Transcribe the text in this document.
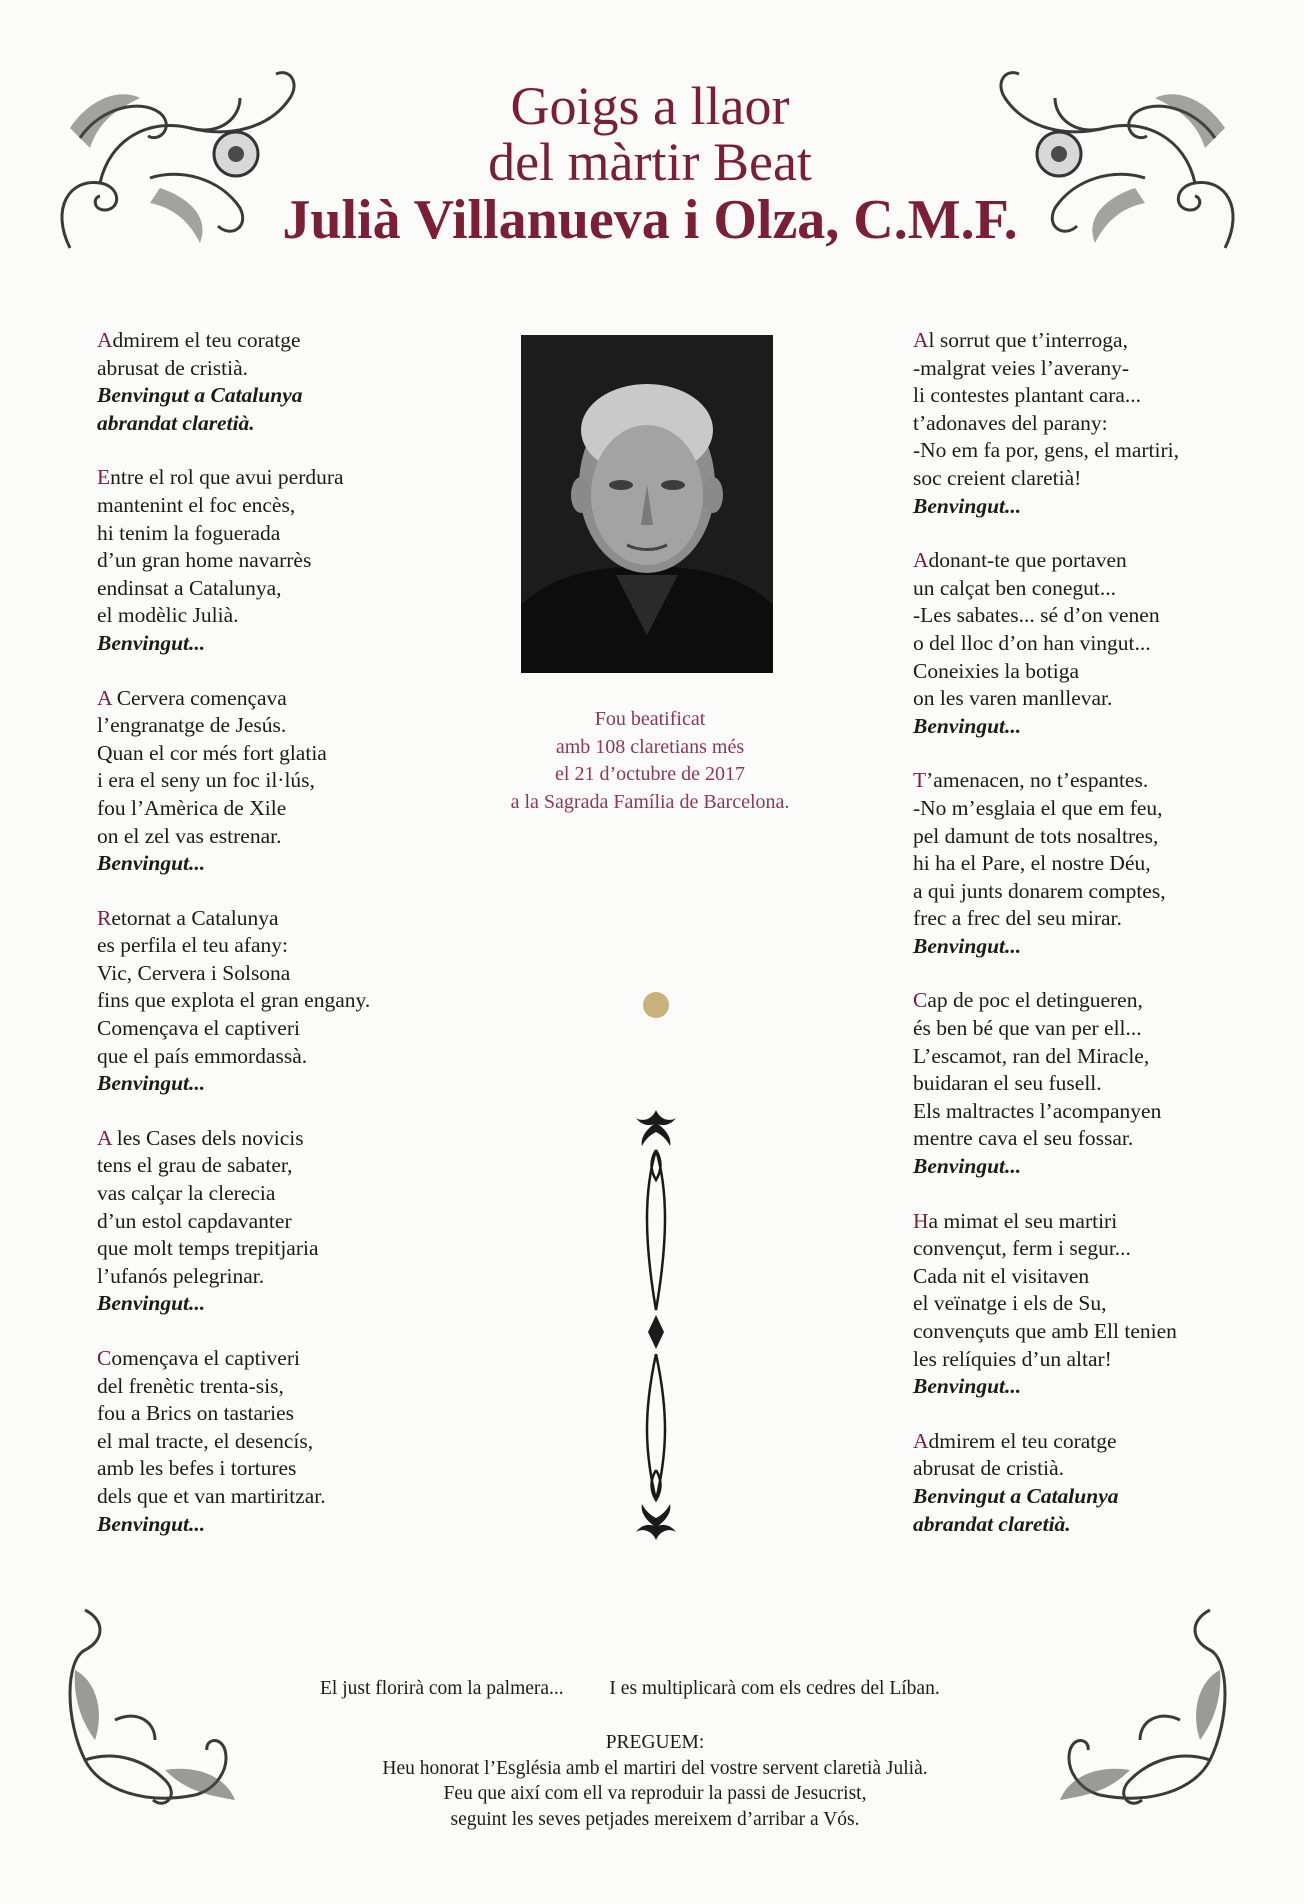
Goigs a llaor
del màrtir Beat
Julià Villanueva i Olza, C.M.F.
Admirem el teu coratge
abrusat de cristià.
Benvingut a Catalunya
abrandat claretià.
Entre el rol que avui perdura
mantenint el foc encès,
hi tenim la foguerada
d’un gran home navarrès
endinsat a Catalunya,
el modèlic Julià.
Benvingut...
A Cervera començava
l’engranatge de Jesús.
Quan el cor més fort glatia
i era el seny un foc il·lús,
fou l’Amèrica de Xile
on el zel vas estrenar.
Benvingut...
Retornat a Catalunya
es perfila el teu afany:
Vic, Cervera i Solsona
fins que explota el gran engany.
Començava el captiveri
que el país emmordassà.
Benvingut...
A les Cases dels novicis
tens el grau de sabater,
vas calçar la clerecia
d’un estol capdavanter
que molt temps trepitjaria
l’ufanós pelegrinar.
Benvingut...
Començava el captiveri
del frenètic trenta-sis,
fou a Brics on tastaries
el mal tracte, el desencís,
amb les befes i tortures
dels que et van martiritzar.
Benvingut...
Fou beatificat
amb 108 claretians més
el 21 d’octubre de 2017
a la Sagrada Família de Barcelona.
Al sorrut que t’interroga,
-malgrat veies l’averany-
li contestes plantant cara...
t’adonaves del parany:
-No em fa por, gens, el martiri,
soc creient claretià!
Benvingut...
Adonant-te que portaven
un calçat ben conegut...
-Les sabates... sé d’on venen
o del lloc d’on han vingut...
Coneixies la botiga
on les varen manllevar.
Benvingut...
T’amenacen, no t’espantes.
-No m’esglaia el que em feu,
pel damunt de tots nosaltres,
hi ha el Pare, el nostre Déu,
a qui junts donarem comptes,
frec a frec del seu mirar.
Benvingut...
Cap de poc el detingueren,
és ben bé que van per ell...
L’escamot, ran del Miracle,
buidaran el seu fusell.
Els maltractes l’acompanyen
mentre cava el seu fossar.
Benvingut...
Ha mimat el seu martiri
convençut, ferm i segur...
Cada nit el visitaven
el veïnatge i els de Su,
convençuts que amb Ell tenien
les relíquies d’un altar!
Benvingut...
Admirem el teu coratge
abrusat de cristià.
Benvingut a Catalunya
abrandat claretià.
El just florirà com la palmera... I es multiplicarà com els cedres del Líban.
PREGUEM:
Heu honorat l’Església amb el martiri del vostre servent claretià Julià.
Feu que així com ell va reproduir la passi de Jesucrist,
seguint les seves petjades mereixem d’arribar a Vós.
